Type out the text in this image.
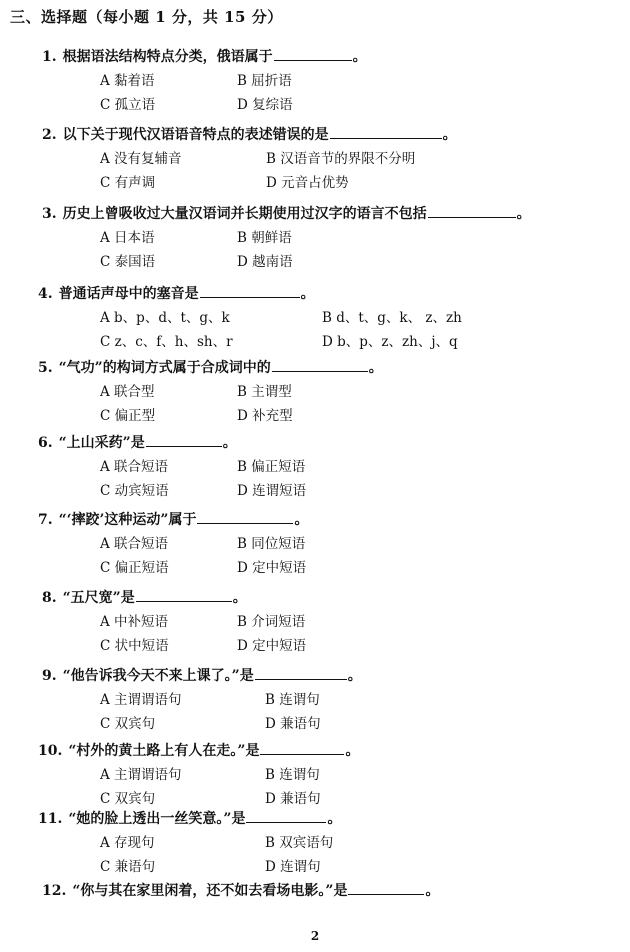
三、选择题（每小题 1 分，共 15 分）
1. 根据语法结构特点分类，俄语属于	。
A 黏着语	B 屈折语
C 孤立语	D 复综语
2. 以下关于现代汉语语音特点的表述错误的是	。
A 没有复辅音	B 汉语音节的界限不分明
C 有声调	D 元音占优势
3. 历史上曾吸收过大量汉语词并长期使用过汉字的语言不包括	。
A 日本语	B 朝鲜语
C 泰国语	D 越南语
4. 普通话声母中的塞音是	。
A b、p、d、t、g、k	B d、t、g、k、 z、zh
C z、c、f、h、sh、r	D b、p、z、zh、j、q
5. “气功”的构词方式属于合成词中的	。
A 联合型	B 主谓型
C 偏正型	D 补充型
6. “上山采药”是	。
A 联合短语	B 偏正短语
C 动宾短语	D 连谓短语
7. “‘摔跤’这种运动”属于	。
A 联合短语	B 同位短语
C 偏正短语	D 定中短语
8. “五尺宽”是	。
A 中补短语	B 介词短语
C 状中短语	D 定中短语
9. “他告诉我今天不来上课了。”是	。
A 主谓谓语句	B 连谓句
C 双宾句	D 兼语句
10. “村外的黄土路上有人在走。”是	。
A 主谓谓语句	B 连谓句
C 双宾句	D 兼语句
11. “她的脸上透出一丝笑意。”是	。
A 存现句	B 双宾语句
C 兼语句	D 连谓句
12. “你与其在家里闲着，还不如去看场电影。”是	。
2
